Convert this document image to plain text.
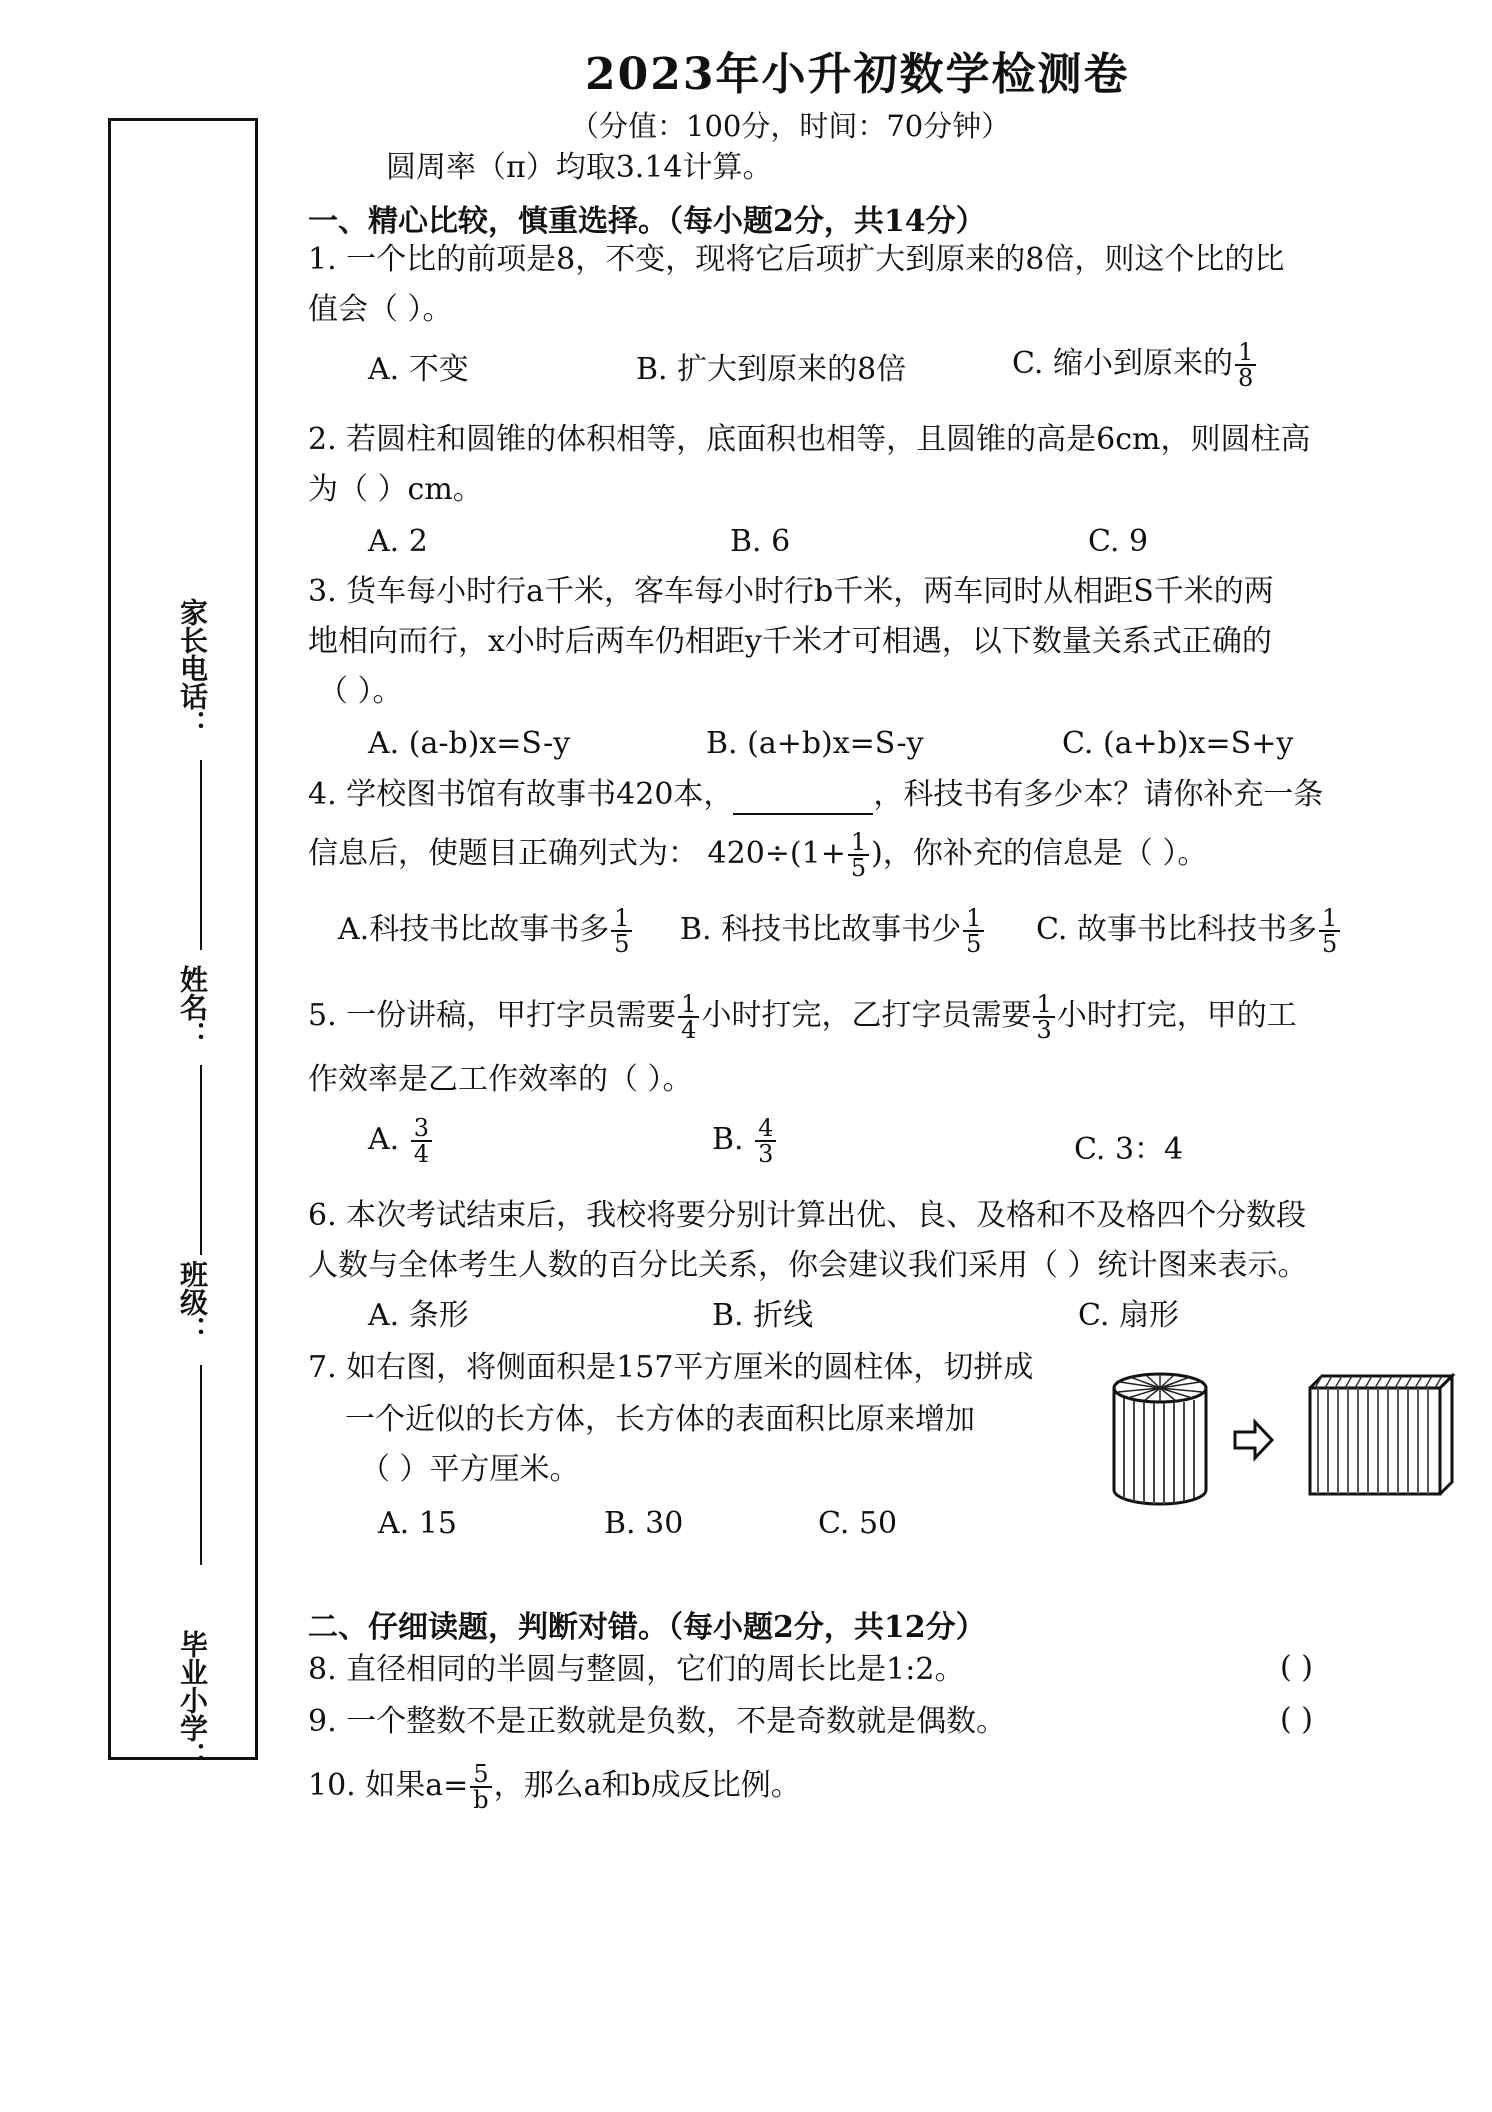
2023年小升初数学检测卷
（分值：100分，时间：70分钟）
圆周率（π）均取3.14计算。
家长电话：
姓名：
班级：
毕业小学：
一、精心比较，慎重选择。（每小题2分，共14分）
1. 一个比的前项是8，不变，现将它后项扩大到原来的8倍，则这个比的比
值会（ ）。
A. 不变	B. 扩大到原来的8倍	C. 缩小到原来的 $\frac{1}{8}$
2. 若圆柱和圆锥的体积相等，底面积也相等，且圆锥的高是6cm，则圆柱高
为（ ）cm。
A. 2	B. 6	C. 9
3. 货车每小时行a千米，客车每小时行b千米，两车同时从相距S千米的两
地相向而行，x小时后两车仍相距y千米才可相遇，以下数量关系式正确的
（ ）。
A. (a-b)x=S-y	B. (a+b)x=S-y	C. (a+b)x=S+y
4. 学校图书馆有故事书420本，	，科技书有多少本？请你补充一条
信息后，使题目正确列式为： $420\div(1+ \frac{1}{5}$ )，你补充的信息是（ ）。
A.科技书比故事书多 $\frac{1}{5} B$. 科技书比故事书少 $\frac{1}{5} C$. 故事书比科技书多 $\frac{1}{5}$
5. 一份讲稿，甲打字员需要 $\frac{1}{4}$ 小时打完，乙打字员需要 $\frac{1}{3}$ 小时打完，甲的工
作效率是乙工作效率的（ ）。
A. $\frac{3}{4}$	B. $\frac{4}{3}$	C. 3：4
6. 本次考试结束后，我校将要分别计算出优、良、及格和不及格四个分数段
人数与全体考生人数的百分比关系，你会建议我们采用（ ）统计图来表示。
A. 条形	B. 折线	C. 扇形
7. 如右图，将侧面积是157平方厘米的圆柱体，切拼成
一个近似的长方体，长方体的表面积比原来增加
（ ）平方厘米。
A. 15	B. 30	C. 50
二、仔细读题，判断对错。（每小题2分，共12分）
8. 直径相同的半圆与整圆，它们的周长比是1:2。	( )
9. 一个整数不是正数就是负数，不是奇数就是偶数。	( )
10. 如果$a= \frac{5}{b}$ ，那么a和b成反比例。
